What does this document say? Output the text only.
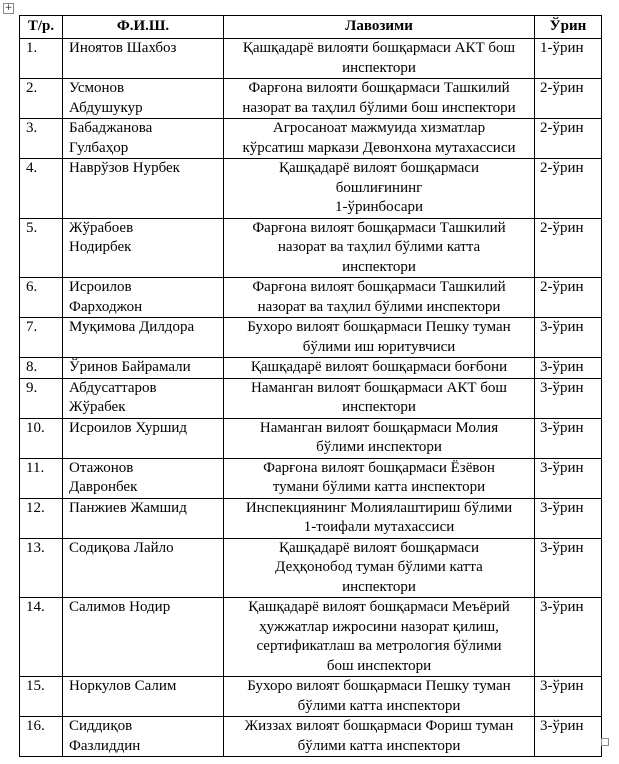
+
Т/р.	Ф.И.Ш.	Лавозими	Ўрин
1.	Иноятов Шахбоз	Қашқадарё вилояти бошқармаси АКТ бош
инспектори	1-ўрин
2.	Усмонов
Абдушукур	Фарғона вилояти бошқармаси Ташкилий
назорат ва таҳлил бўлими бош инспектори	2-ўрин
3.	Бабаджанова
Гулбаҳор	Агросаноат мажмуида хизматлар
кўрсатиш маркази Девонхона мутахассиси	2-ўрин
4.	Наврўзов Нурбек	Қашқадарё вилоят бошқармаси
бошлиғининг
1-ўринбосари	2-ўрин
5.	Жўрабоев
Нодирбек	Фарғона вилоят бошқармаси Ташкилий
назорат ва таҳлил бўлими катта
инспектори	2-ўрин
6.	Исроилов
Фарходжон	Фарғона вилоят бошқармаси Ташкилий
назорат ва таҳлил бўлими инспектори	2-ўрин
7.	Муқимова Дилдора	Бухоро вилоят бошқармаси Пешку туман
бўлими иш юритувчиси	3-ўрин
8.	Ўринов Байрамали	Қашқадарё вилоят бошқармаси боғбони	3-ўрин
9.	Абдусаттаров
Жўрабек	Наманган вилоят бошқармаси АКТ бош
инспектори	3-ўрин
10.	Исроилов Хуршид	Наманган вилоят бошқармаси Молия
бўлими инспектори	3-ўрин
11.	Отажонов
Давронбек	Фарғона вилоят бошқармаси Ёзёвон
тумани бўлими катта инспектори	3-ўрин
12.	Панжиев Жамшид	Инспекциянинг Молиялаштириш бўлими
1-тоифали мутахассиси	3-ўрин
13.	Содиқова Лайло	Қашқадарё вилоят бошқармаси
Деҳқонобод туман бўлими катта
инспектори	3-ўрин
14.	Салимов Нодир	Қашқадарё вилоят бошқармаси Меъёрий
ҳужжатлар ижросини назорат қилиш,
сертификатлаш ва метрология бўлими
бош инспектори	3-ўрин
15.	Норкулов Салим	Бухоро вилоят бошқармаси Пешку туман
бўлими катта инспектори	3-ўрин
16.	Сиддиқов
Фазлиддин	Жиззах вилоят бошқармаси Фориш туман
бўлими катта инспектори	3-ўрин
